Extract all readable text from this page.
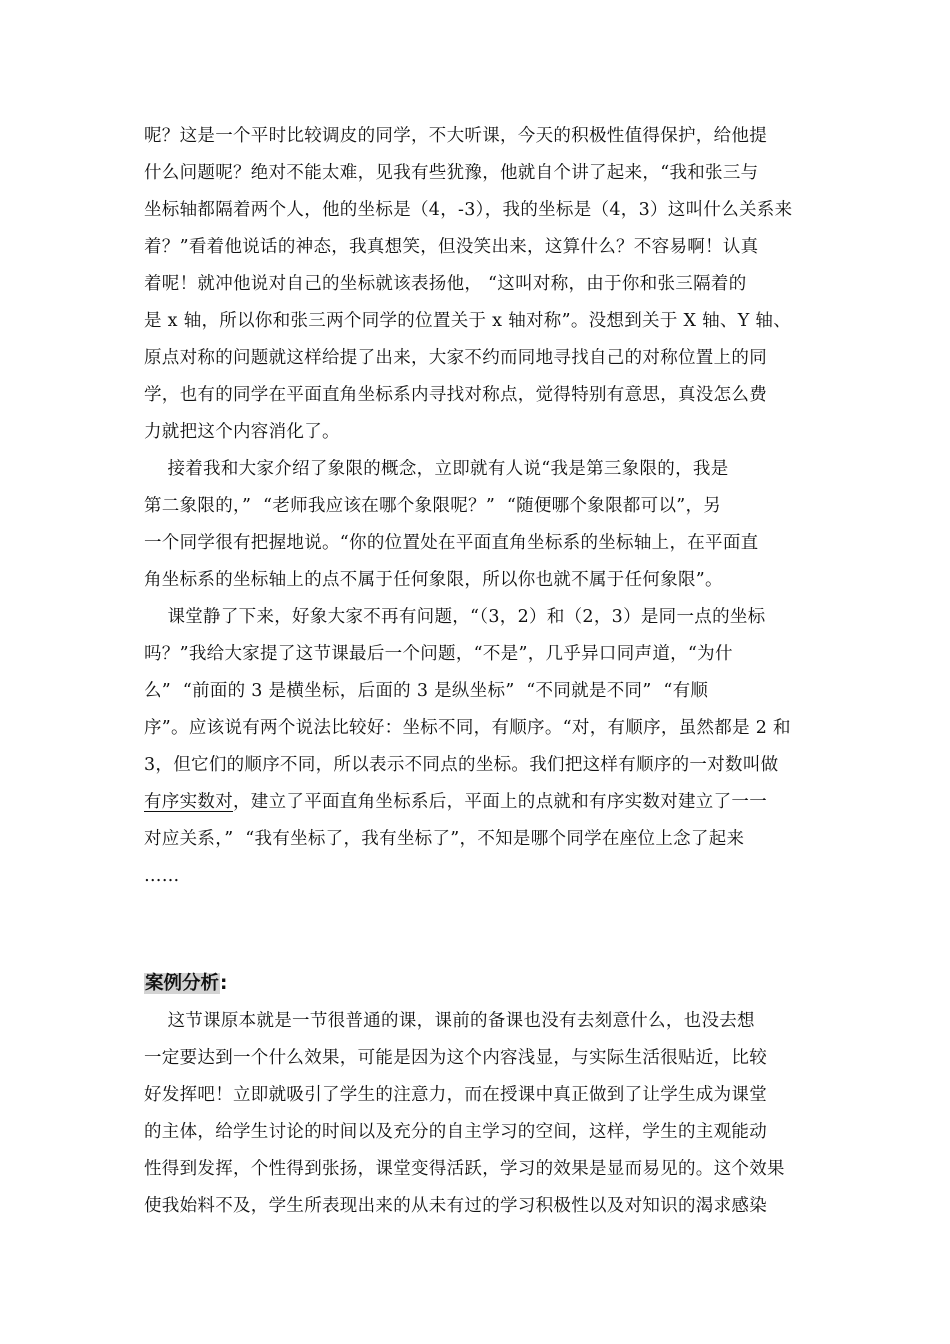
呢？这是一个平时比较调皮的同学，不大听课，今天的积极性值得保护，给他提
什么问题呢？绝对不能太难，见我有些犹豫，他就自个讲了起来，“我和张三与
坐标轴都隔着两个人，他的坐标是（4，-3），我的坐标是（4，3）这叫什么关系来
着？”看着他说话的神态，我真想笑，但没笑出来，这算什么？不容易啊！认真
着呢！就冲他说对自己的坐标就该表扬他， “这叫对称，由于你和张三隔着的
是 x 轴，所以你和张三两个同学的位置关于 x 轴对称”。没想到关于 X 轴、Y 轴、
原点对称的问题就这样给提了出来，大家不约而同地寻找自己的对称位置上的同
学，也有的同学在平面直角坐标系内寻找对称点，觉得特别有意思，真没怎么费
力就把这个内容消化了。
接着我和大家介绍了象限的概念，立即就有人说“我是第三象限的，我是
第二象限的，”  “老师我应该在哪个象限呢？”  “随便哪个象限都可以”，另
一个同学很有把握地说。“你的位置处在平面直角坐标系的坐标轴上，在平面直
角坐标系的坐标轴上的点不属于任何象限，所以你也就不属于任何象限”。
课堂静了下来，好象大家不再有问题，“（3，2）和（2，3）是同一点的坐标
吗？”我给大家提了这节课最后一个问题，“不是”，几乎异口同声道，“为什
么”  “前面的 3 是横坐标，后面的 3 是纵坐标”  “不同就是不同”  “有顺
序”。应该说有两个说法比较好：坐标不同，有顺序。“对，有顺序，虽然都是 2 和
3，但它们的顺序不同，所以表示不同点的坐标。我们把这样有顺序的一对数叫做
有序实数对，建立了平面直角坐标系后，平面上的点就和有序实数对建立了一一
对应关系，”  “我有坐标了，我有坐标了”，不知是哪个同学在座位上念了起来
……
案例分析:
这节课原本就是一节很普通的课，课前的备课也没有去刻意什么，也没去想
一定要达到一个什么效果，可能是因为这个内容浅显，与实际生活很贴近，比较
好发挥吧！立即就吸引了学生的注意力，而在授课中真正做到了让学生成为课堂
的主体，给学生讨论的时间以及充分的自主学习的空间，这样，学生的主观能动
性得到发挥，个性得到张扬，课堂变得活跃，学习的效果是显而易见的。这个效果
使我始料不及，学生所表现出来的从未有过的学习积极性以及对知识的渴求感染
